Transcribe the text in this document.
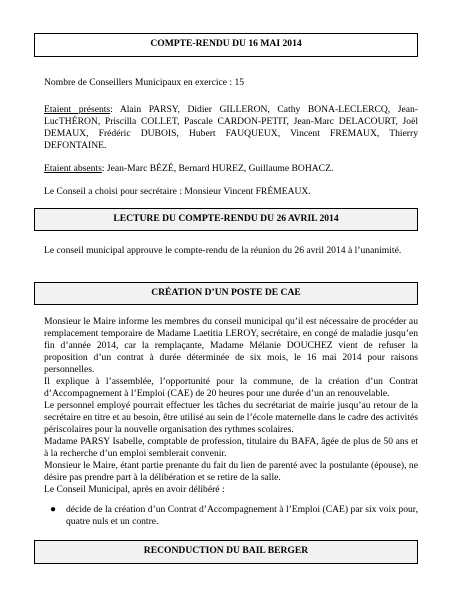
COMPTE-RENDU DU 16 MAI 2014

Nombre de Conseillers Municipaux en exercice : 15

Etaient présents: Alain PARSY, Didier GILLERON, Cathy BONA-LECLERCQ, Jean-LucTHÉRON, Priscilla COLLET, Pascale CARDON-PETIT, Jean-Marc DELACOURT, Joël DEMAUX, Frédéric DUBOIS, Hubert FAUQUEUX, Vincent FREMAUX, Thierry DEFONTAINE.

Etaient absents: Jean-Marc BÉZÉ, Bernard HUREZ, Guillaume BOHACZ.

Le Conseil a choisi pour secrétaire : Monsieur Vincent FRÉMEAUX.

LECTURE DU COMPTE-RENDU DU 26 AVRIL 2014

Le conseil municipal approuve le compte-rendu de la réunion du 26 avril 2014 à l’unanimité.

CRÉATION D’UN POSTE DE CAE

Monsieur le Maire informe les membres du conseil municipal qu’il est nécessaire de procéder au remplacement temporaire de Madame Laetitia LEROY, secrétaire, en congé de maladie jusqu’en fin d’année 2014, car la remplaçante, Madame Mélanie DOUCHEZ vient de refuser la proposition d’un contrat à durée déterminée de six mois, le 16 mai 2014 pour raisons personnelles.

Il explique à l’assemblée, l’opportunité pour la commune, de la création d’un Contrat d’Accompagnement à l’Emploi (CAE) de 20 heures pour une durée d’un an renouvelable.

Le personnel employé pourrait effectuer les tâches du secrétariat de mairie jusqu’au retour de la secrétaire en titre et au besoin, être utilisé au sein de l’école maternelle dans le cadre des activités périscolaires pour la nouvelle organisation des rythmes scolaires.

Madame PARSY Isabelle, comptable de profession, titulaire du BAFA, âgée de plus de 50 ans et à la recherche d’un emploi semblerait convenir.

Monsieur le Maire, étant partie prenante du fait du lien de parenté avec la postulante (épouse), ne désire pas prendre part à la délibération et se retire de la salle.

Le Conseil Municipal, après en avoir délibéré :

● décide de la création d’un Contrat d’Accompagnement à l’Emploi (CAE) par six voix pour, quatre nuls et un contre.
RECONDUCTION DU BAIL BERGER
